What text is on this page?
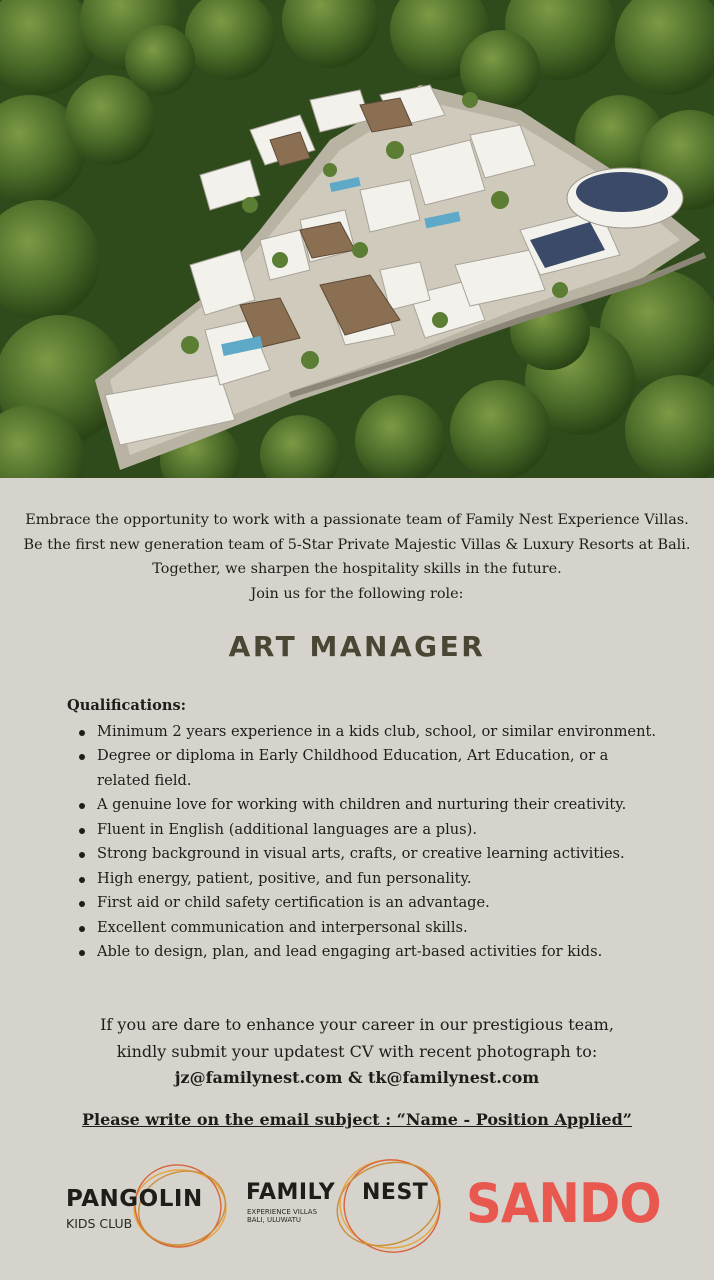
Embrace the opportunity to work with a passionate team of Family Nest Experience Villas.

Be the first new generation team of 5-Star Private Majestic Villas & Luxury Resorts at Bali.

Together, we sharpen the hospitality skills in the future.

Join us for the following role:

ART MANAGER
Qualifications:
Minimum 2 years experience in a kids club, school, or similar environment.
Degree or diploma in Early Childhood Education, Art Education, or a related field.
A genuine love for working with children and nurturing their creativity.
Fluent in English (additional languages are a plus).
Strong background in visual arts, crafts, or creative learning activities.
High energy, patient, positive, and fun personality.
First aid or child safety certification is an advantage.
Excellent communication and interpersonal skills.
Able to design, plan, and lead engaging art-based activities for kids.

If you are dare to enhance your career in our prestigious team,

kindly submit your updatest CV with recent photograph to:

jz@familynest.com & tk@familynest.com

Please write on the email subject : “Name - Position Applied”
PANGOLIN
KIDS CLUB
FAMILY NEST
EXPERIENCE VILLAS BALI, ULUWATU	SANDO
